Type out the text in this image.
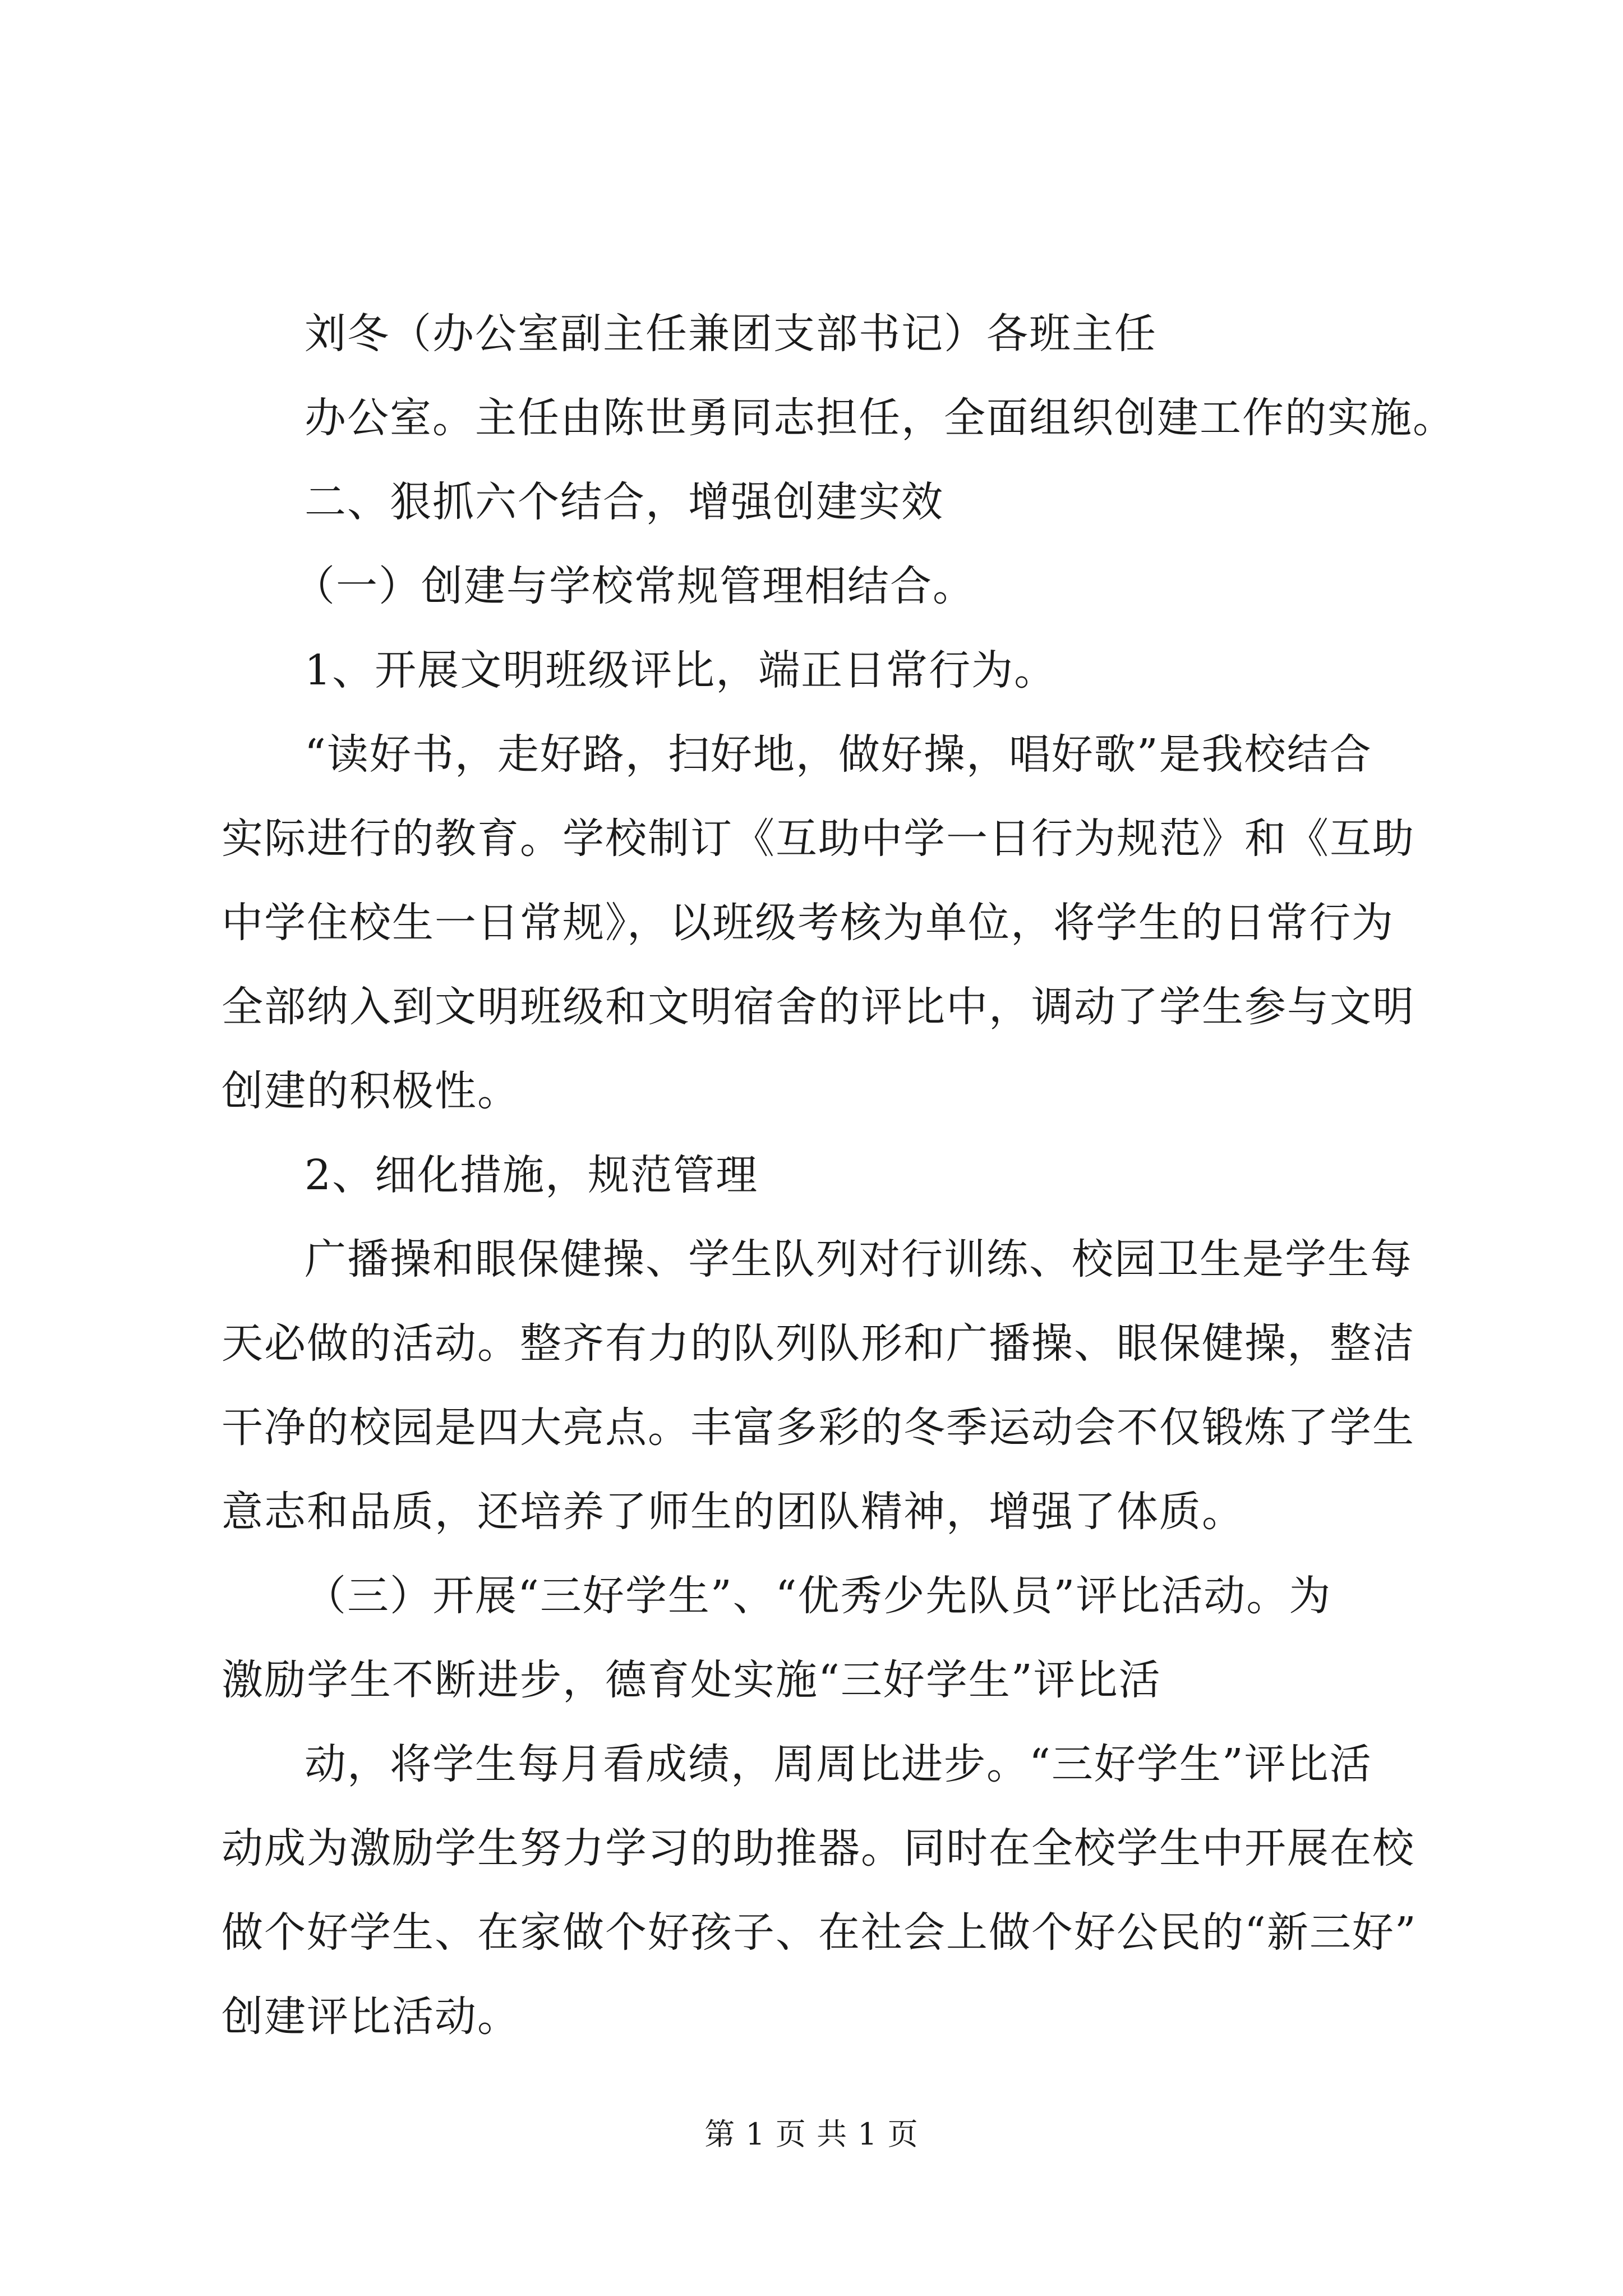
刘冬（办公室副主任兼团支部书记）各班主任
办公室。主任由陈世勇同志担任，全面组织创建工作的实施。
二、狠抓六个结合，增强创建实效
（一）创建与学校常规管理相结合。
1、开展文明班级评比，端正日常行为。
“读好书，走好路，扫好地，做好操，唱好歌”是我校结合
实际进行的教育。学校制订《互助中学一日行为规范》和《互助
中学住校生一日常规》，以班级考核为单位，将学生的日常行为
全部纳入到文明班级和文明宿舍的评比中，调动了学生参与文明
创建的积极性。
2、细化措施，规范管理
广播操和眼保健操、学生队列对行训练、校园卫生是学生每
天必做的活动。整齐有力的队列队形和广播操、眼保健操，整洁
干净的校园是四大亮点。丰富多彩的冬季运动会不仅锻炼了学生
意志和品质，还培养了师生的团队精神，增强了体质。
（三）开展“三好学生”、“优秀少先队员”评比活动。为
激励学生不断进步，德育处实施“三好学生”评比活
动，将学生每月看成绩，周周比进步。“三好学生”评比活
动成为激励学生努力学习的助推器。同时在全校学生中开展在校
做个好学生、在家做个好孩子、在社会上做个好公民的“新三好”
创建评比活动。
第 1 页 共 1 页
